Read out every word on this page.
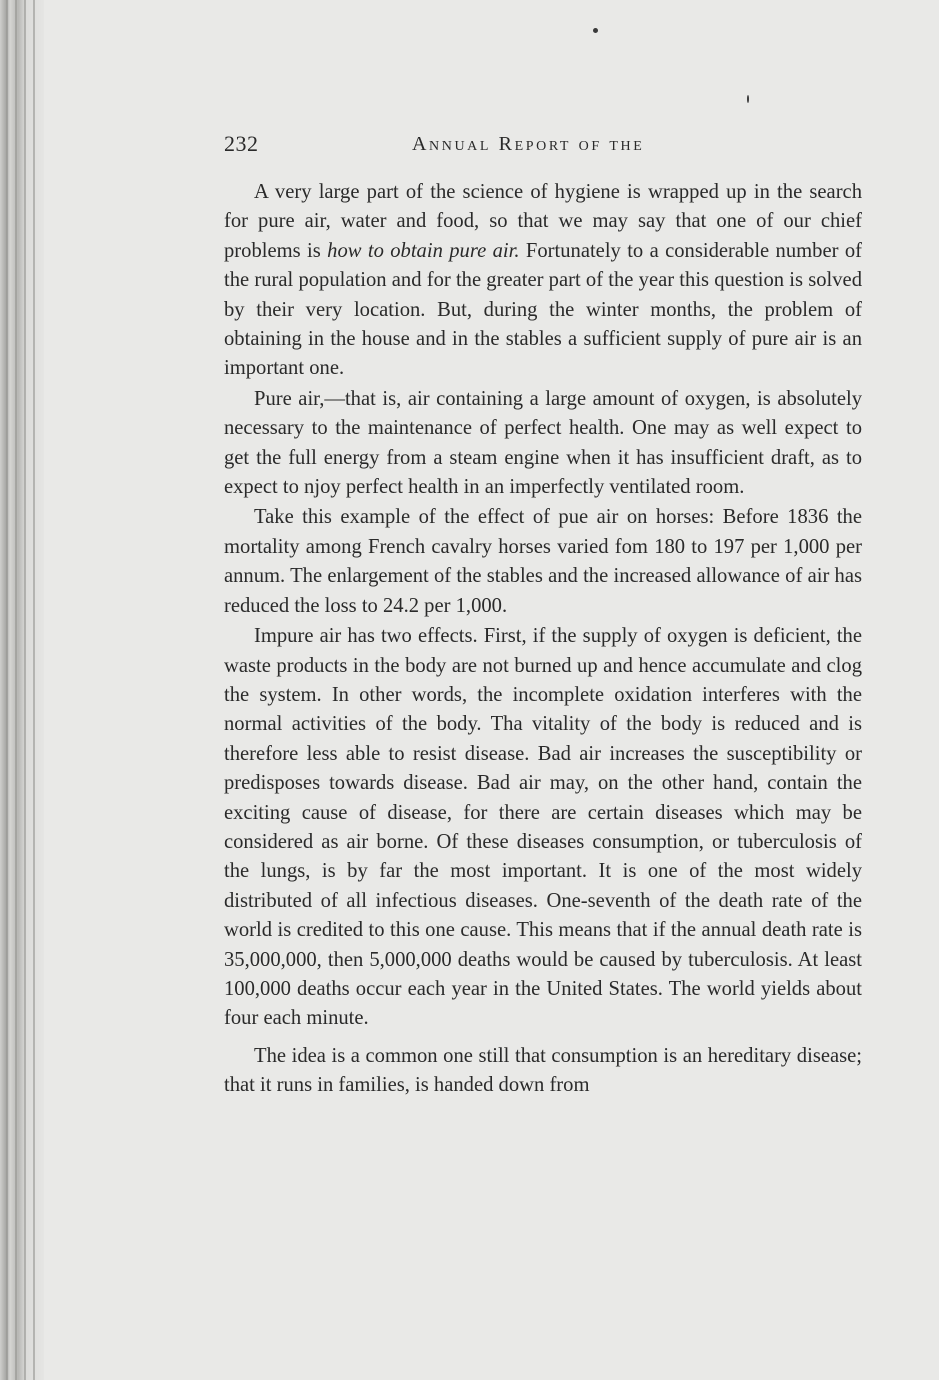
232	Annual Report of the

A very large part of the science of hygiene is wrapped up in the search for pure air, water and food, so that we may say that one of our chief problems is how to obtain pure air. Fortunately to a considerable number of the rural population and for the greater part of the year this question is solved by their very location. But, during the winter months, the problem of obtaining in the house and in the stables a sufficient supply of pure air is an important one.

Pure air,—that is, air containing a large amount of oxygen, is absolutely necessary to the maintenance of perfect health. One may as well expect to get the full energy from a steam engine when it has insufficient draft, as to expect to njoy perfect health in an imperfectly ventilated room.

Take this example of the effect of pue air on horses: Before 1836 the mortality among French cavalry horses varied fom 180 to 197 per 1,000 per annum. The enlargement of the stables and the increased allowance of air has reduced the loss to 24.2 per 1,000.

Impure air has two effects. First, if the supply of oxygen is deficient, the waste products in the body are not burned up and hence accumulate and clog the system. In other words, the incomplete oxidation interferes with the normal activities of the body. Tha vitality of the body is reduced and is therefore less able to resist disease. Bad air increases the susceptibility or predisposes towards disease. Bad air may, on the other hand, contain the exciting cause of disease, for there are certain diseases which may be considered as air borne. Of these diseases consumption, or tuberculosis of the lungs, is by far the most important. It is one of the most widely distributed of all infectious diseases. One-seventh of the death rate of the world is credited to this one cause. This means that if the annual death rate is 35,000,000, then 5,000,000 deaths would be caused by tuberculosis. At least 100,000 deaths occur each year in the United States. The world yields about four each minute.

The idea is a common one still that consumption is an hereditary disease; that it runs in families, is handed down from
